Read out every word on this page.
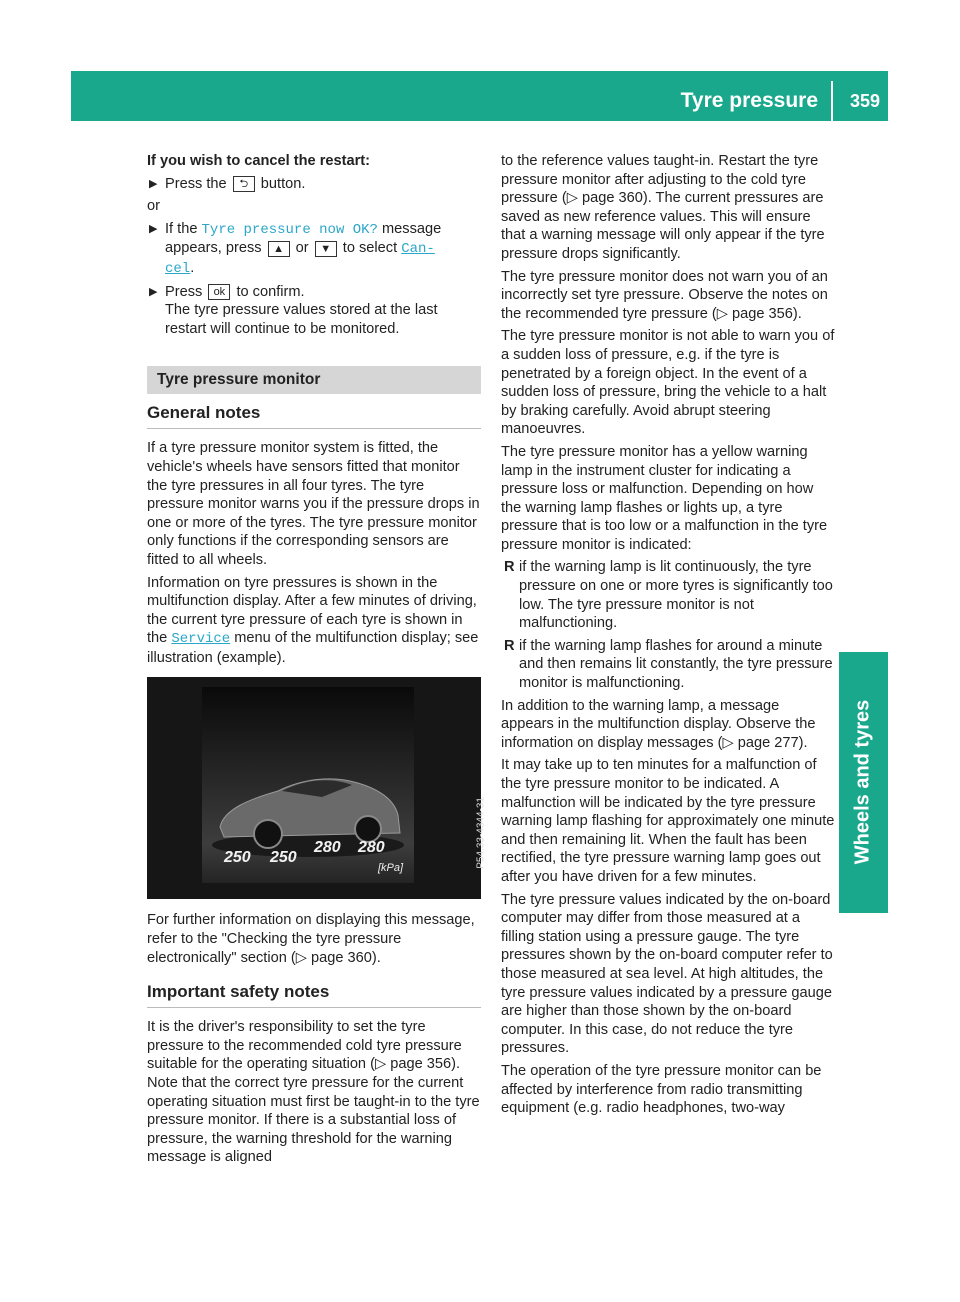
Tyre pressure 359
Wheels and tyres

If you wish to cancel the restart:

▶ Press the ⮌ button.

or

▶ If the Tyre pressure now OK? message appears, press ▲ or ▼ to select Can‑
cel.
▶ Press ok to confirm.
The tyre pressure values stored at the last restart will continue to be monitored.
Tyre pressure monitor
General notes

If a tyre pressure monitor system is fitted, the vehicle's wheels have sensors fitted that monitor the tyre pressures in all four tyres. The tyre pressure monitor warns you if the pressure drops in one or more of the tyres. The tyre pressure monitor only functions if the corresponding sensors are fitted to all wheels.

Information on tyre pressures is shown in the multifunction display. After a few minutes of driving, the current tyre pressure of each tyre is shown in the Service menu of the multifunction display; see illustration (example).

250 250
280 280
[kPa]	P54.33-4344-31

For further information on displaying this message, refer to the "Checking the tyre pressure electronically" section (▷ page 360).

Important safety notes

It is the driver's responsibility to set the tyre pressure to the recommended cold tyre pressure suitable for the operating situation (▷ page 356). Note that the correct tyre pressure for the current operating situation must first be taught-in to the tyre pressure monitor. If there is a substantial loss of pressure, the warning threshold for the warning message is aligned

to the reference values taught-in. Restart the tyre pressure monitor after adjusting to the cold tyre pressure (▷ page 360). The current pressures are saved as new reference values. This will ensure that a warning message will only appear if the tyre pressure drops significantly.

The tyre pressure monitor does not warn you of an incorrectly set tyre pressure. Observe the notes on the recommended tyre pressure (▷ page 356).

The tyre pressure monitor is not able to warn you of a sudden loss of pressure, e.g. if the tyre is penetrated by a foreign object. In the event of a sudden loss of pressure, bring the vehicle to a halt by braking carefully. Avoid abrupt steering manoeuvres.

The tyre pressure monitor has a yellow warning lamp in the instrument cluster for indicating a pressure loss or malfunction. Depending on how the warning lamp flashes or lights up, a tyre pressure that is too low or a malfunction in the tyre pressure monitor is indicated:

R if the warning lamp is lit continuously, the tyre pressure on one or more tyres is significantly too low. The tyre pressure monitor is not malfunctioning.
R if the warning lamp flashes for around a minute and then remains lit constantly, the tyre pressure monitor is malfunctioning.

In addition to the warning lamp, a message appears in the multifunction display. Observe the information on display messages (▷ page 277).

It may take up to ten minutes for a malfunction of the tyre pressure monitor to be indicated. A malfunction will be indicated by the tyre pressure warning lamp flashing for approximately one minute and then remaining lit. When the fault has been rectified, the tyre pressure warning lamp goes out after you have driven for a few minutes.

The tyre pressure values indicated by the on-board computer may differ from those measured at a filling station using a pressure gauge. The tyre pressures shown by the on-board computer refer to those measured at sea level. At high altitudes, the tyre pressure values indicated by a pressure gauge are higher than those shown by the on-board computer. In this case, do not reduce the tyre pressures.

The operation of the tyre pressure monitor can be affected by interference from radio transmitting equipment (e.g. radio headphones, two-way
